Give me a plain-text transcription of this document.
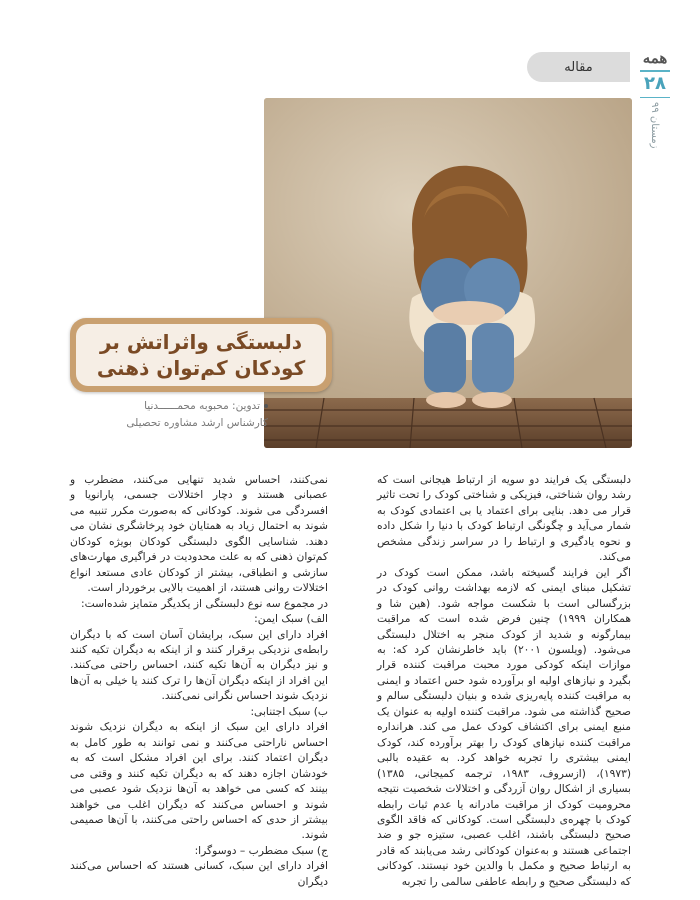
مقاله	همه
۲۸
زمستان ۹۹
دلبستگی واثراتش بر
کودکان کم‌توان ذهنی
تدوین: محبوبه محمــــــدنیا
کارشناس ارشد مشاوره تحصیلی

دلبستگی یک فرایند دو سویه از ارتباط هیجانی است که رشد روان شناختی، فیزیکی و شناختی کودک را تحت تاثیر قرار می دهد. بنایی برای اعتماد یا بی اعتمادی کودک به شمار می‌آید و چگونگی ارتباط کودک با دنیا را شکل داده و نحوه یادگیری و ارتباط را در سراسر زندگی مشخص می‌کند.

اگر این فرایند گسیخته باشد، ممکن است کودک در تشکیل مبنای ایمنی که لازمه بهداشت روانی کودک در بزرگسالی است با شکست مواجه شود. (هین شا و همکاران ۱۹۹۹) چنین فرض شده است که مراقبت بیمارگونه و شدید از کودک منجر به اختلال دلبستگی می‌شود. (ویلسون ۲۰۰۱) باید خاطرنشان کرد که: به موازات اینکه کودکی مورد محبت مراقبت کننده قرار بگیرد و نیازهای اولیه او برآورده شود حس اعتماد و ایمنی به مراقبت کننده پایه‌ریزی شده و بنیان دلبستگی سالم و صحیح گذاشته می شود. مراقبت کننده اولیه به عنوان یک منبع ایمنی برای اکتشاف کودک عمل می کند. هرانداره مراقبت کننده نیازهای کودک را بهتر برآورده کند، کودک ایمنی بیشتری را تجربه خواهد کرد. به عقیده بالبی (۱۹۷۳)، (ازسروف، ۱۹۸۳، ترجمه کمیجانی، ۱۳۸۵) بسیاری از اشکال روان آزردگی و اختلالات شخصیت نتیجه محرومیت کودک از مراقبت مادرانه یا عدم ثبات رابطه کودک با چهره‌ی دلبستگی است. کودکانی که فاقد الگوی صحیح دلبستگی باشند، اغلب عصبی، ستیزه جو و ضد اجتماعی هستند و به‌عنوان کودکانی رشد می‌یابند که قادر به ارتباط صحیح و مکمل با والدین خود نیستند. کودکانی که دلبستگی صحیح و رابطه عاطفی سالمی را تجربه

نمی‌کنند، احساس شدید تنهایی می‌کنند، مضطرب و عصبانی هستند و دچار اختلالات جسمی، پارانویا و افسردگی می شوند. کودکانی که به‌صورت مکرر تنبیه می شوند به احتمال زیاد به همتایان خود پرخاشگری نشان می دهند. شناسایی الگوی دلبستگی کودکان بویژه کودکان کم‌توان ذهنی که به علت محدودیت در فراگیری مهارت‌های سازشی و انطباقی، بیشتر از کودکان عادی مستعد انواع اختلالات روانی هستند، از اهمیت بالایی برخوردار است.

در مجموع سه نوع دلبستگی از یکدیگر متمایز شده‌است:

الف) سبک ایمن:

افراد دارای این سبک، برایشان آسان است که با دیگران رابطه‌ی نزدیکی برقرار کنند و از اینکه به دیگران تکیه کنند و نیز دیگران به آن‌ها تکیه کنند، احساس راحتی می‌کنند. این افراد از اینکه دیگران آن‌ها را ترک کنند یا خیلی به آن‌ها نزدیک شوند احساس نگرانی نمی‌کنند.

ب) سبک اجتنابی:

افراد دارای این سبک از اینکه به دیگران نزدیک شوند احساس ناراحتی می‌کنند و نمی توانند به طور کامل به دیگران اعتماد کنند. برای این افراد مشکل است که به خودشان اجازه دهند که به دیگران تکیه کنند و وقتی می بینند که کسی می خواهد به آن‌ها نزدیک شود عصبی می شوند و احساس می‌کنند که دیگران اغلب می خواهند بیشتر از حدی که احساس راحتی می‌کنند، با آن‌ها صمیمی شوند.

ج) سبک مضطرب – دوسوگرا:

افراد دارای این سبک، کسانی هستند که احساس می‌کنند دیگران
